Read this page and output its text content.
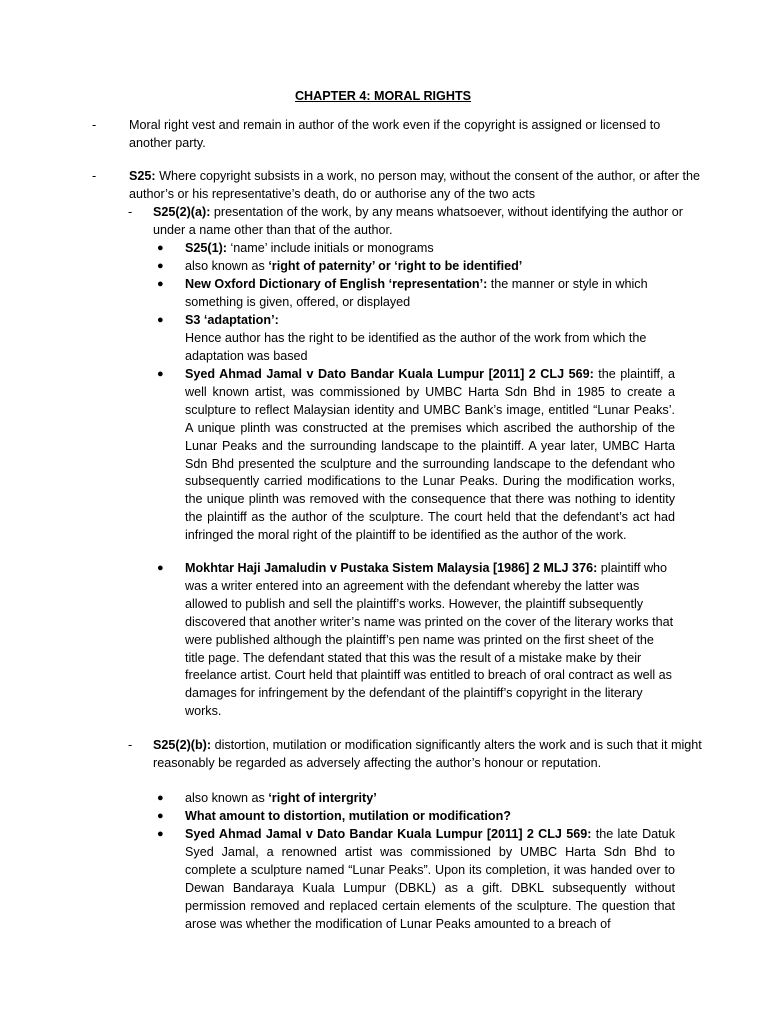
CHAPTER 4: MORAL RIGHTS
-	Moral right vest and remain in author of the work even if the copyright is assigned or licensed to another party.
-	S25: Where copyright subsists in a work, no person may, without the consent of the author, or after the author’s or his representative’s death, do or authorise any of the two acts
- S25(2)(a): presentation of the work, by any means whatsoever, without identifying the author or under a name other than that of the author.
● S25(1): ‘name’ include initials or monograms
● also known as ‘right of paternity’ or ‘right to be identified’
● New Oxford Dictionary of English ‘representation’: the manner or style in which something is given, offered, or displayed
● S3 ‘adaptation’:
Hence author has the right to be identified as the author of the work from which the adaptation was based
● Syed Ahmad Jamal v Dato Bandar Kuala Lumpur [2011] 2 CLJ 569: the plaintiff, a well known artist, was commissioned by UMBC Harta Sdn Bhd in 1985 to create a sculpture to reflect Malaysian identity and UMBC Bank’s image, entitled “Lunar Peaks’. A unique plinth was constructed at the premises which ascribed the authorship of the Lunar Peaks and the surrounding landscape to the plaintiff. A year later, UMBC Harta Sdn Bhd presented the sculpture and the surrounding landscape to the defendant who subsequently carried modifications to the Lunar Peaks. During the modification works, the unique plinth was removed with the consequence that there was nothing to identity the plaintiff as the author of the sculpture. The court held that the defendant’s act had infringed the moral right of the plaintiff to be identified as the author of the work.
● Mokhtar Haji Jamaludin v Pustaka Sistem Malaysia [1986] 2 MLJ 376: plaintiff who was a writer entered into an agreement with the defendant whereby the latter was allowed to publish and sell the plaintiff’s works. However, the plaintiff subsequently discovered that another writer’s name was printed on the cover of the literary works that were published although the plaintiff’s pen name was printed on the first sheet of the title page. The defendant stated that this was the result of a mistake make by their freelance artist. Court held that plaintiff was entitled to breach of oral contract as well as damages for infringement by the defendant of the plaintiff’s copyright in the literary works.
- S25(2)(b): distortion, mutilation or modification significantly alters the work and is such that it might reasonably be regarded as adversely affecting the author’s honour or reputation.
● also known as ‘right of intergrity’
● What amount to distortion, mutilation or modification?
● Syed Ahmad Jamal v Dato Bandar Kuala Lumpur [2011] 2 CLJ 569: the late Datuk Syed Jamal, a renowned artist was commissioned by UMBC Harta Sdn Bhd to complete a sculpture named “Lunar Peaks”. Upon its completion, it was handed over to Dewan Bandaraya Kuala Lumpur (DBKL) as a gift. DBKL subsequently without permission removed and replaced certain elements of the sculpture. The question that arose was whether the modification of Lunar Peaks amounted to a breach of
